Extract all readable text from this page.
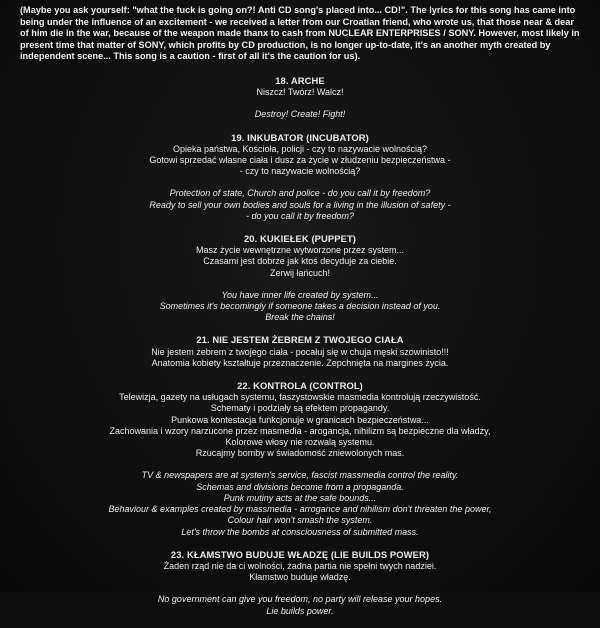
(Maybe you ask yourself: "what the fuck is going on?! Anti CD song's placed into... CD!". The lyrics for this song has came into being under the influence of an excitement - we received a letter from our Croatian friend, who wrote us, that those near & dear of him die in the war, because of the weapon made thanx to cash from NUCLEAR ENTERPRISES / SONY. However, most likely in present time that matter of SONY, which profits by CD production, is no longer up-to-date, it's an another myth created by independent scene... This song is a caution - first of all it's the caution for us).
18. ARCHE
Niszcz! Twórz! Walcz!
Destroy! Create! Fight!
19. INKUBATOR (INCUBATOR)
Opieka państwa, Kościoła, policji - czy to nazywacie wolnością?
Gotowi sprzedać własne ciała i dusz za życie w złudzeniu bezpieczeństwa -
- czy to nazywacie wolnością?
Protection of state, Church and police - do you call it by freedom?
Ready to sell your own bodies and souls for a living in the illusion of safety -
- do you call it by freedom?
20. KUKIEŁEK (PUPPET)
Masz życie wewnętrzne wytworzone przez system...
Czasami jest dobrze jak ktoś decyduje za ciebie.
Zerwij łańcuch!
You have inner life created by system...
Sometimes it's becomingly if someone takes a decision instead of you.
Break the chains!
21. NIE JESTEM ŻEBREM Z TWOJEGO CIAŁA
Nie jestem żebrem z twojego ciała - pocałuj się w chuja męski szowinisto!!!
Anatomia kobiety kształtuje przeznaczenie. Zepchnięta na margines życia.
22. KONTROLA (CONTROL)
Telewizja, gazety na usługach systemu, faszystowskie masmedia kontrolują rzeczywistość.
Schematy i podziały są efektem propagandy.
Punkowa kontestacja funkcjonuje w granicach bezpieczeństwa...
Zachowania i wzory narzucone przez masmedia - arogancja, nihilizm są bezpieczne dla władzy,
Kolorowe włosy nie rozwalą systemu.
Rzucajmy bomby w świadomość zniewolonych mas.
TV & newspapers are at system's service, fascist massmedia control the reality.
Schemas and divisions become from a propaganda.
Punk mutiny acts at the safe bounds...
Behaviour & examples created by massmedia - arrogance and nihilism don't threaten the power,
Colour hair won't smash the system.
Let's throw the bombs at consciousness of submitted mass.
23. KŁAMSTWO BUDUJE WŁADZĘ (LIE BUILDS POWER)
Żaden rząd nie da ci wolności, żadna partia nie spełni twych nadziei.
Kłamstwo buduje władzę.
No government can give you freedom, no party will release your hopes.
Lie builds power.
